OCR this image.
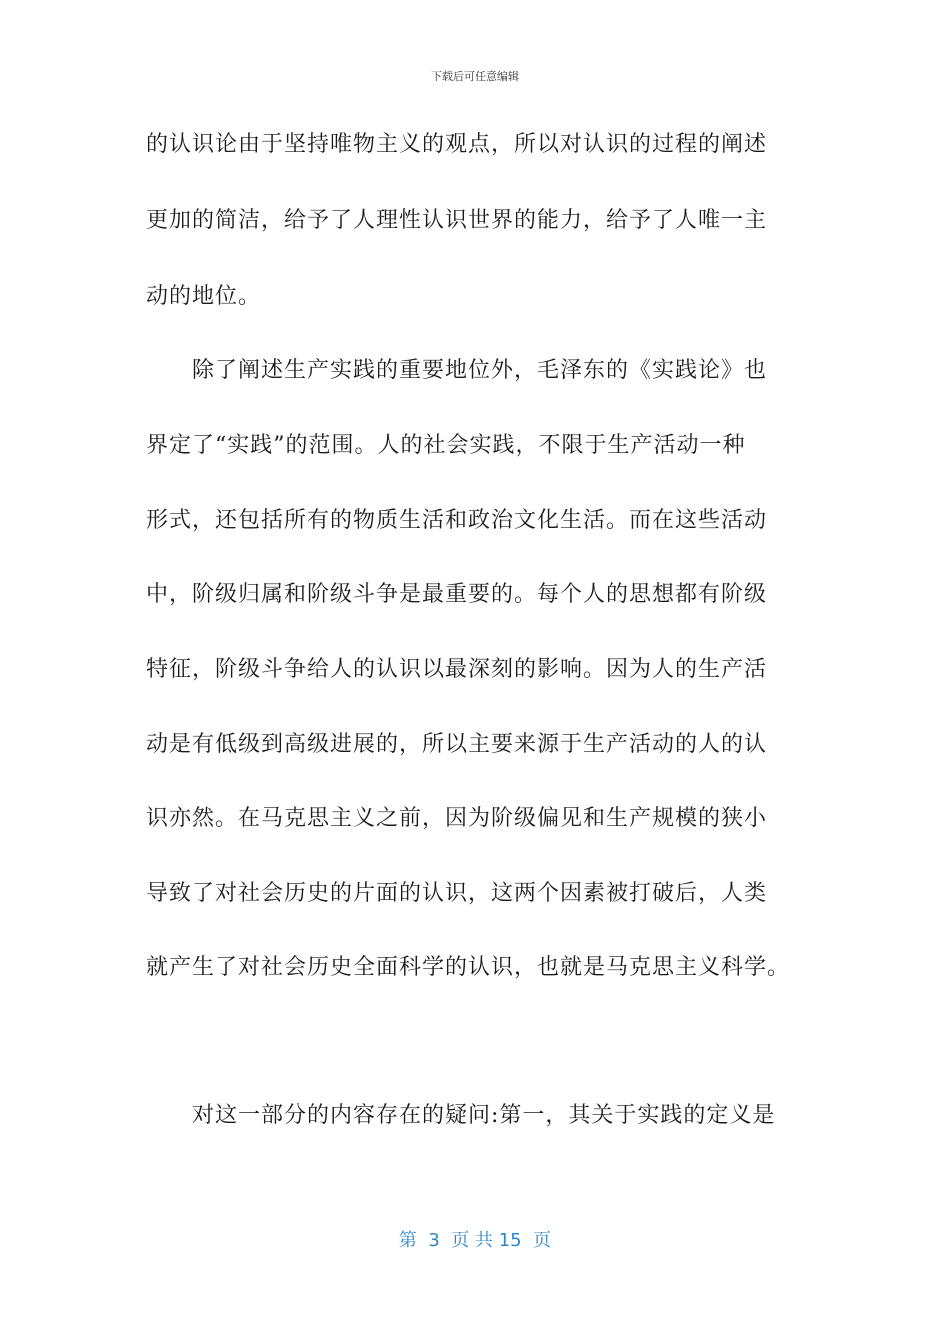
下载后可任意编辑
的认识论由于坚持唯物主义的观点，所以对认识的过程的阐述
更加的简洁，给予了人理性认识世界的能力，给予了人唯一主
动的地位。
除了阐述生产实践的重要地位外，毛泽东的《实践论》也
界定了“实践”的范围。人的社会实践，不限于生产活动一种
形式，还包括所有的物质生活和政治文化生活。而在这些活动
中，阶级归属和阶级斗争是最重要的。每个人的思想都有阶级
特征，阶级斗争给人的认识以最深刻的影响。因为人的生产活
动是有低级到高级进展的，所以主要来源于生产活动的人的认
识亦然。在马克思主义之前，因为阶级偏见和生产规模的狭小
导致了对社会历史的片面的认识，这两个因素被打破后，人类
就产生了对社会历史全面科学的认识，也就是马克思主义科学。
对这一部分的内容存在的疑问:第一，其关于实践的定义是
第  3  页 共 15  页
